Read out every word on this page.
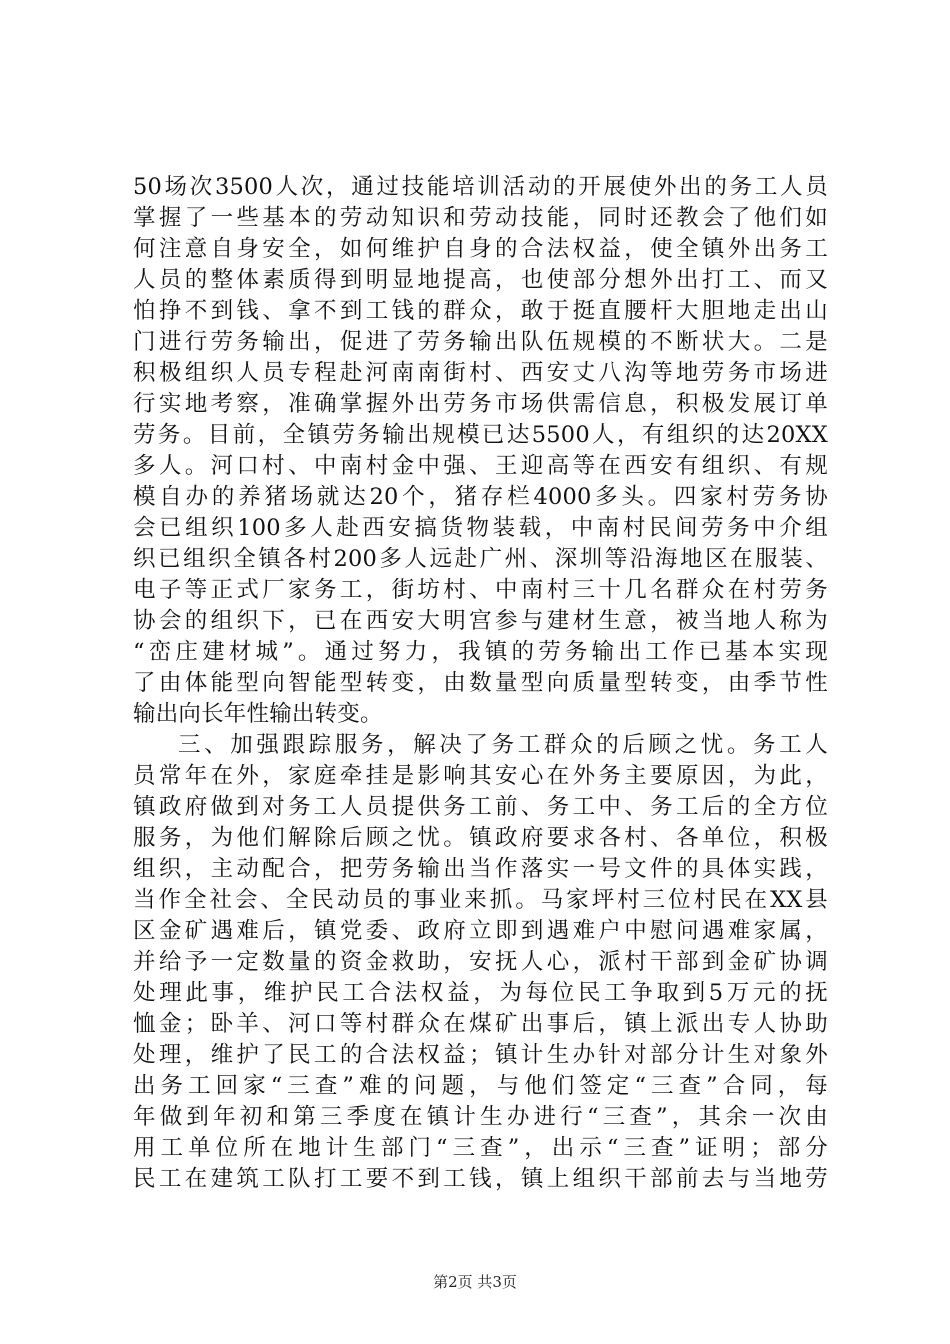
50场次3500人次，通过技能培训活动的开展使外出的务工人员
掌握了一些基本的劳动知识和劳动技能，同时还教会了他们如
何注意自身安全，如何维护自身的合法权益，使全镇外出务工
人员的整体素质得到明显地提高，也使部分想外出打工、而又
怕挣不到钱、拿不到工钱的群众，敢于挺直腰杆大胆地走出山
门进行劳务输出，促进了劳务输出队伍规模的不断状大。二是
积极组织人员专程赴河南南街村、西安丈八沟等地劳务市场进
行实地考察，准确掌握外出劳务市场供需信息，积极发展订单
劳务。目前，全镇劳务输出规模已达5500人，有组织的达20XX
多人。河口村、中南村金中强、王迎高等在西安有组织、有规
模自办的养猪场就达20个，猪存栏4000多头。四家村劳务协
会已组织100多人赴西安搞货物装载，中南村民间劳务中介组
织已组织全镇各村200多人远赴广州、深圳等沿海地区在服装、
电子等正式厂家务工，街坊村、中南村三十几名群众在村劳务
协会的组织下，已在西安大明宫参与建材生意，被当地人称为
“峦庄建材城”。通过努力，我镇的劳务输出工作已基本实现
了由体能型向智能型转变，由数量型向质量型转变，由季节性
输出向长年性输出转变。
三、加强跟踪服务，解决了务工群众的后顾之忧。务工人
员常年在外，家庭牵挂是影响其安心在外务主要原因，为此，
镇政府做到对务工人员提供务工前、务工中、务工后的全方位
服务，为他们解除后顾之忧。镇政府要求各村、各单位，积极
组织，主动配合，把劳务输出当作落实一号文件的具体实践，
当作全社会、全民动员的事业来抓。马家坪村三位村民在XX县
区金矿遇难后，镇党委、政府立即到遇难户中慰问遇难家属，
并给予一定数量的资金救助，安抚人心，派村干部到金矿协调
处理此事，维护民工合法权益，为每位民工争取到5万元的抚
恤金；卧羊、河口等村群众在煤矿出事后，镇上派出专人协助
处理，维护了民工的合法权益；镇计生办针对部分计生对象外
出务工回家“三查”难的问题，与他们签定“三查”合同，每
年做到年初和第三季度在镇计生办进行“三查”，其余一次由
用工单位所在地计生部门“三查”，出示“三查”证明；部分
民工在建筑工队打工要不到工钱，镇上组织干部前去与当地劳
第2页 共3页
